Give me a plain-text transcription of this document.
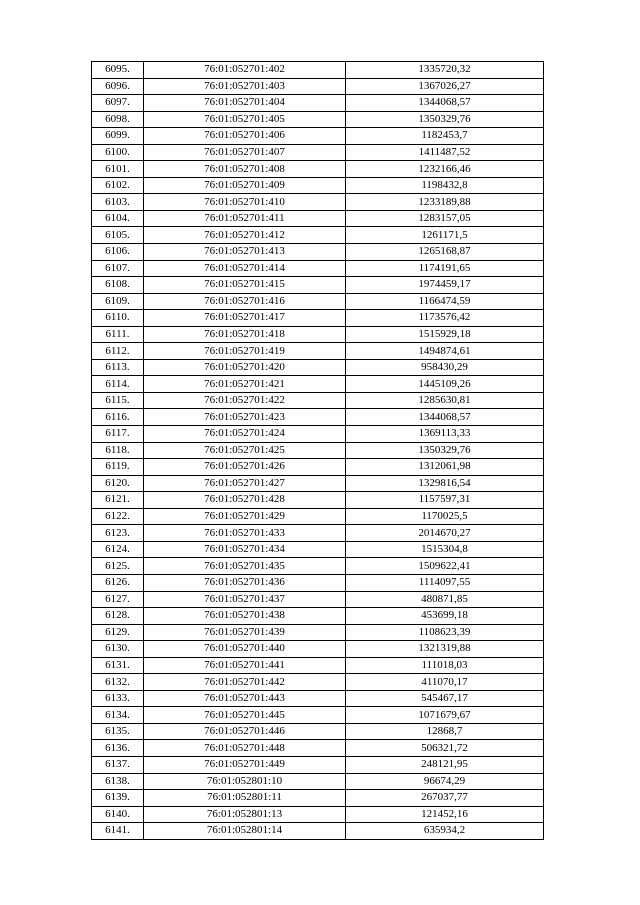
6095.	76:01:052701:402	1335720,32
6096.	76:01:052701:403	1367026,27
6097.	76:01:052701:404	1344068,57
6098.	76:01:052701:405	1350329,76
6099.	76:01:052701:406	1182453,7
6100.	76:01:052701:407	1411487,52
6101.	76:01:052701:408	1232166,46
6102.	76:01:052701:409	1198432,8
6103.	76:01:052701:410	1233189,88
6104.	76:01:052701:411	1283157,05
6105.	76:01:052701:412	1261171,5
6106.	76:01:052701:413	1265168,87
6107.	76:01:052701:414	1174191,65
6108.	76:01:052701:415	1974459,17
6109.	76:01:052701:416	1166474,59
6110.	76:01:052701:417	1173576,42
6111.	76:01:052701:418	1515929,18
6112.	76:01:052701:419	1494874,61
6113.	76:01:052701:420	958430,29
6114.	76:01:052701:421	1445109,26
6115.	76:01:052701:422	1285630,81
6116.	76:01:052701:423	1344068,57
6117.	76:01:052701:424	1369113,33
6118.	76:01:052701:425	1350329,76
6119.	76:01:052701:426	1312061,98
6120.	76:01:052701:427	1329816,54
6121.	76:01:052701:428	1157597,31
6122.	76:01:052701:429	1170025,5
6123.	76:01:052701:433	2014670,27
6124.	76:01:052701:434	1515304,8
6125.	76:01:052701:435	1509622,41
6126.	76:01:052701:436	1114097,55
6127.	76:01:052701:437	480871,85
6128.	76:01:052701:438	453699,18
6129.	76:01:052701:439	1108623,39
6130.	76:01:052701:440	1321319,88
6131.	76:01:052701:441	111018,03
6132.	76:01:052701:442	411070,17
6133.	76:01:052701:443	545467,17
6134.	76:01:052701:445	1071679,67
6135.	76:01:052701:446	12868,7
6136.	76:01:052701:448	506321,72
6137.	76:01:052701:449	248121,95
6138.	76:01:052801:10	96674,29
6139.	76:01:052801:11	267037,77
6140.	76:01:052801:13	121452,16
6141.	76:01:052801:14	635934,2
